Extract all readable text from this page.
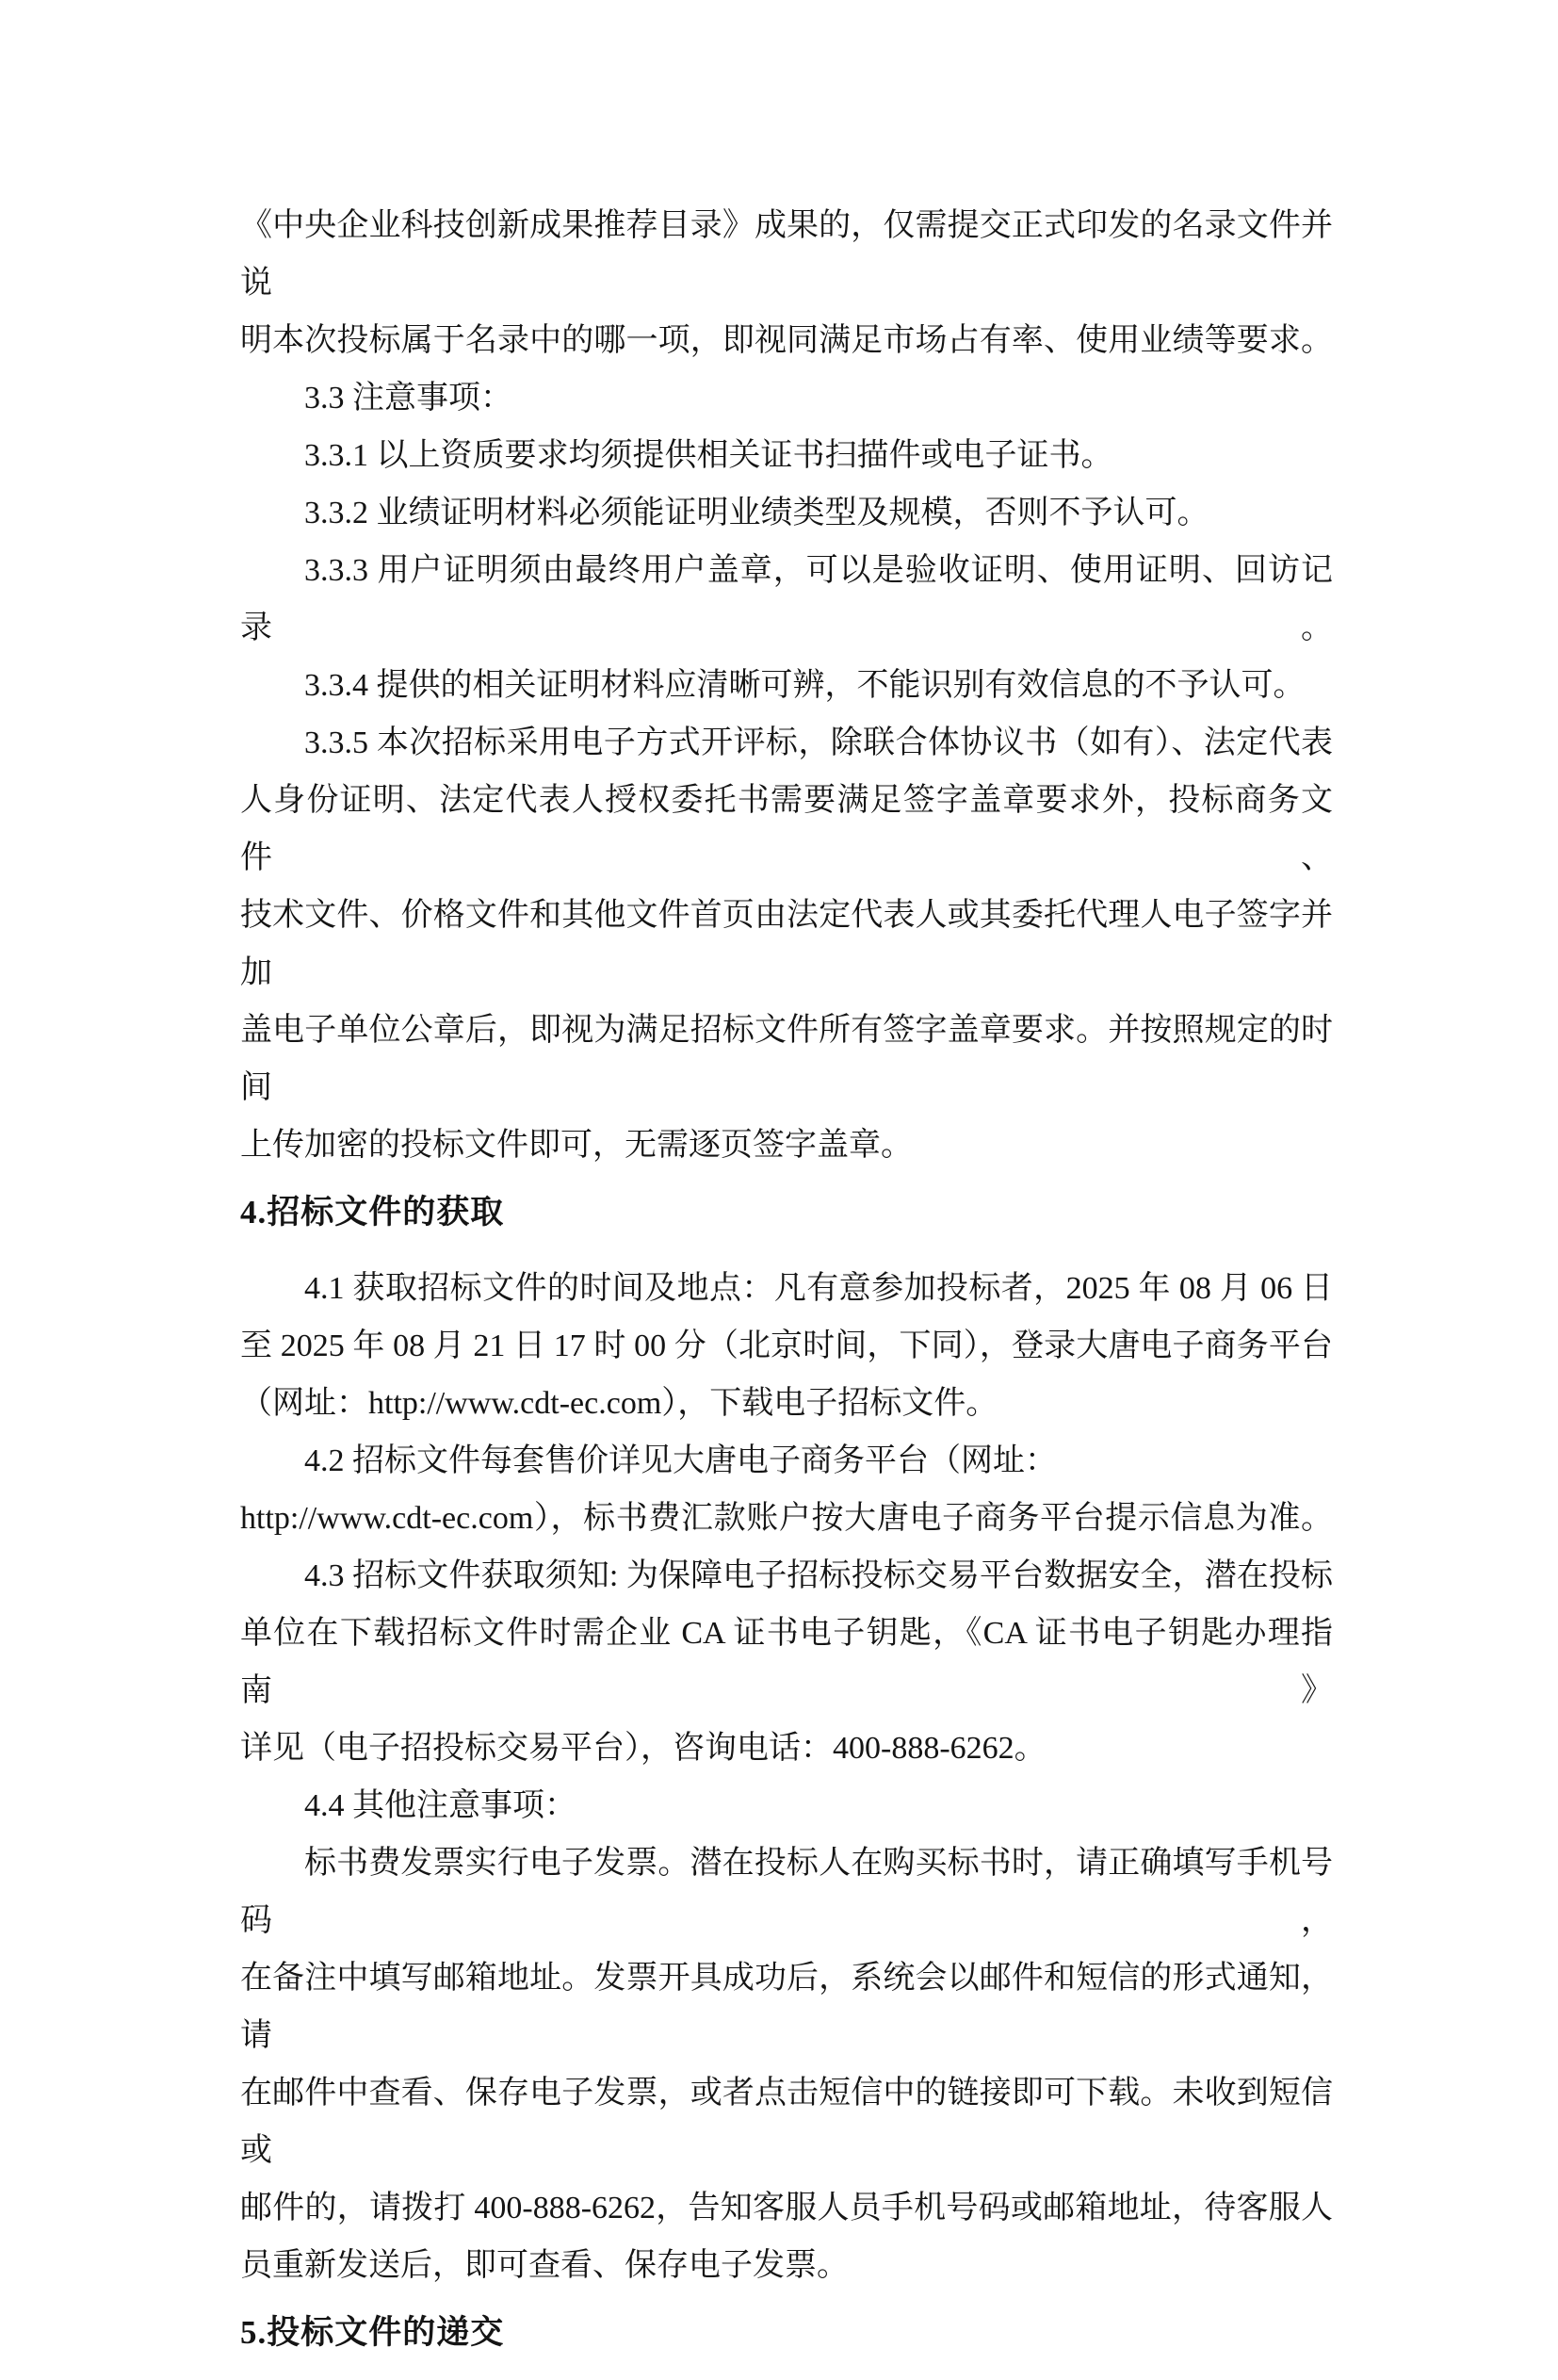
《中央企业科技创新成果推荐目录》成果的，仅需提交正式印发的名录文件并说
明本次投标属于名录中的哪一项，即视同满足市场占有率、使用业绩等要求。
3.3 注意事项：
3.3.1 以上资质要求均须提供相关证书扫描件或电子证书。
3.3.2 业绩证明材料必须能证明业绩类型及规模，否则不予认可。
3.3.3 用户证明须由最终用户盖章，可以是验收证明、使用证明、回访记录。
3.3.4 提供的相关证明材料应清晰可辨，不能识别有效信息的不予认可。
3.3.5 本次招标采用电子方式开评标，除联合体协议书（如有）、法定代表
人身份证明、法定代表人授权委托书需要满足签字盖章要求外，投标商务文件、
技术文件、价格文件和其他文件首页由法定代表人或其委托代理人电子签字并加
盖电子单位公章后，即视为满足招标文件所有签字盖章要求。并按照规定的时间
上传加密的投标文件即可，无需逐页签字盖章。
4.招标文件的获取
4.1 获取招标文件的时间及地点：凡有意参加投标者，2025 年 08 月 06 日
至 2025 年 08 月 21 日 17 时 00 分（北京时间，下同），登录大唐电子商务平台
（网址：http://www.cdt-ec.com），下载电子招标文件。
4.2 招标文件每套售价详见大唐电子商务平台（网址：
http://www.cdt-ec.com），标书费汇款账户按大唐电子商务平台提示信息为准。
4.3 招标文件获取须知: 为保障电子招标投标交易平台数据安全，潜在投标
单位在下载招标文件时需企业 CA 证书电子钥匙，《CA 证书电子钥匙办理指南》
详见（电子招投标交易平台），咨询电话：400-888-6262。
4.4 其他注意事项：
标书费发票实行电子发票。潜在投标人在购买标书时，请正确填写手机号码，
在备注中填写邮箱地址。发票开具成功后，系统会以邮件和短信的形式通知，请
在邮件中查看、保存电子发票，或者点击短信中的链接即可下载。未收到短信或
邮件的，请拨打 400-888-6262，告知客服人员手机号码或邮箱地址，待客服人
员重新发送后，即可查看、保存电子发票。
5.投标文件的递交
